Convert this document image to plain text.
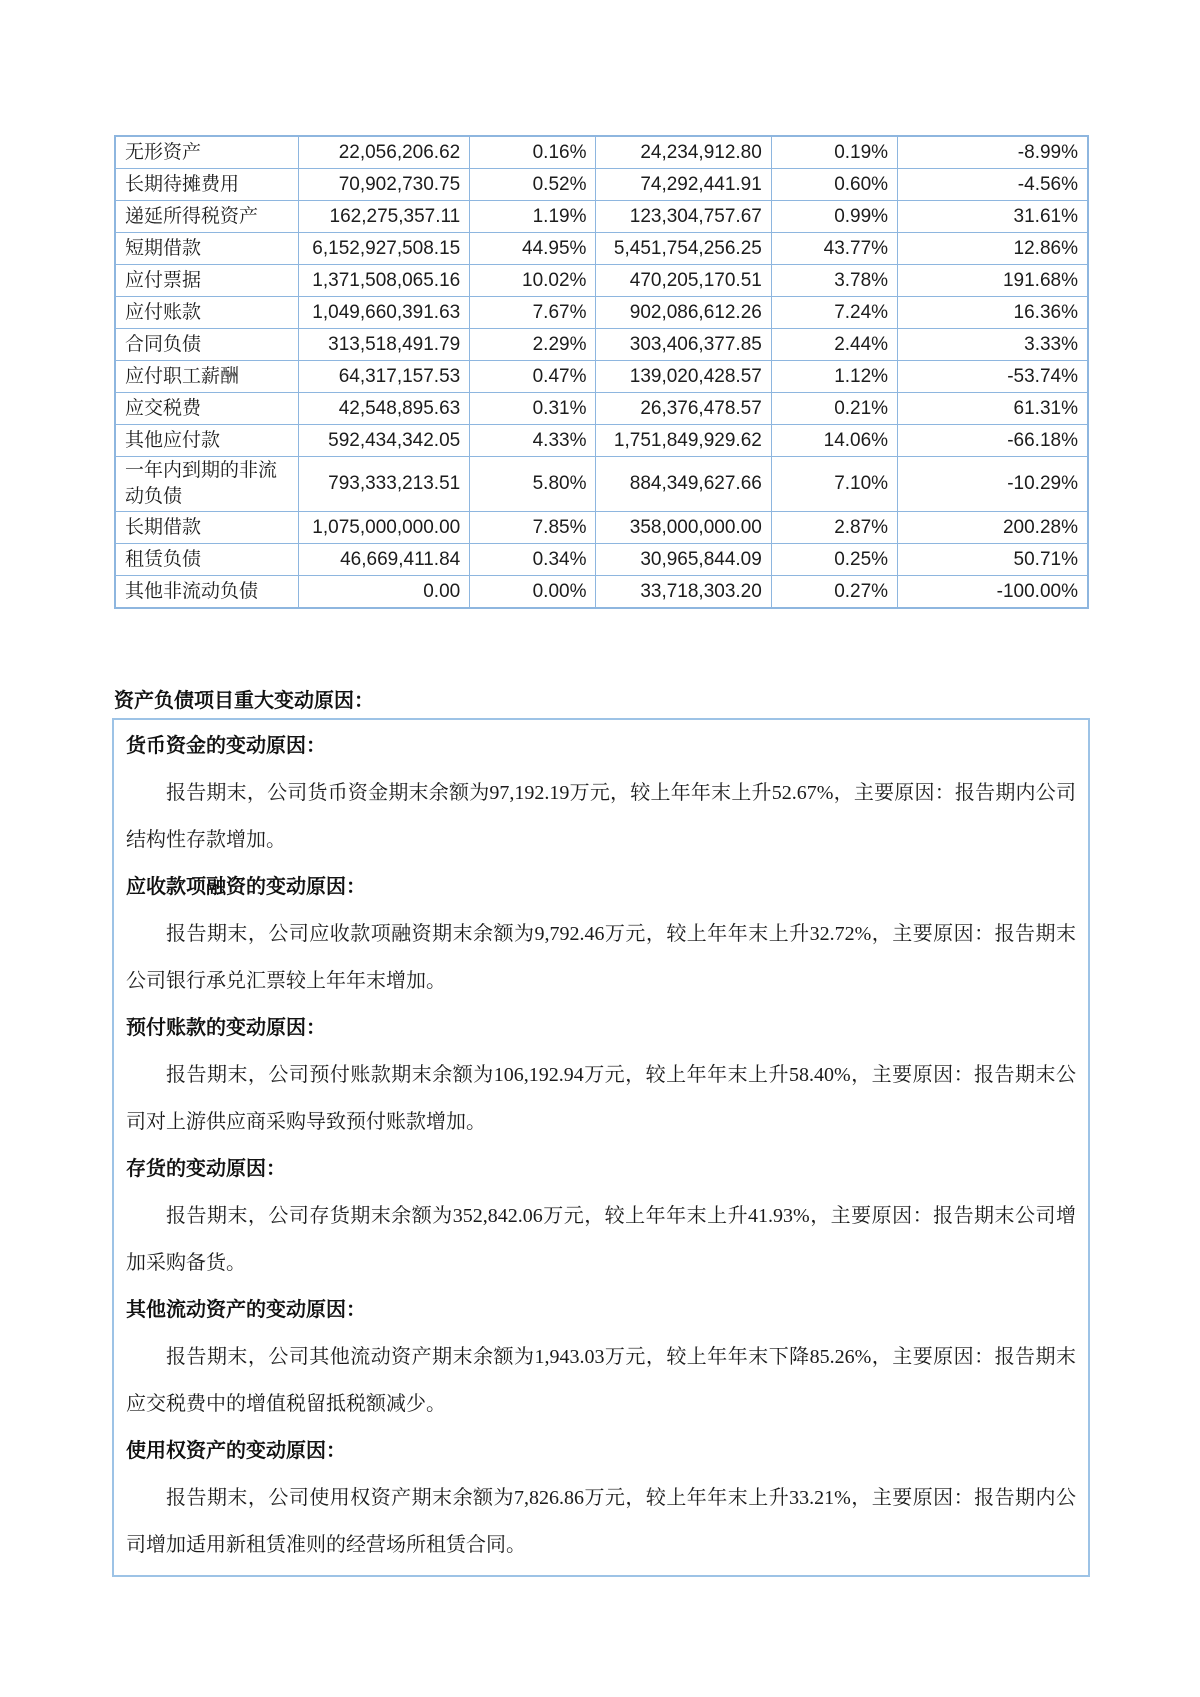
无形资产	22,056,206.62	0.16%	24,234,912.80	0.19%	-8.99%
长期待摊费用	70,902,730.75	0.52%	74,292,441.91	0.60%	-4.56%
递延所得税资产	162,275,357.11	1.19%	123,304,757.67	0.99%	31.61%
短期借款	6,152,927,508.15	44.95%	5,451,754,256.25	43.77%	12.86%
应付票据	1,371,508,065.16	10.02%	470,205,170.51	3.78%	191.68%
应付账款	1,049,660,391.63	7.67%	902,086,612.26	7.24%	16.36%
合同负债	313,518,491.79	2.29%	303,406,377.85	2.44%	3.33%
应付职工薪酬	64,317,157.53	0.47%	139,020,428.57	1.12%	-53.74%
应交税费	42,548,895.63	0.31%	26,376,478.57	0.21%	61.31%
其他应付款	592,434,342.05	4.33%	1,751,849,929.62	14.06%	-66.18%
一年内到期的非流动负债	793,333,213.51	5.80%	884,349,627.66	7.10%	-10.29%
长期借款	1,075,000,000.00	7.85%	358,000,000.00	2.87%	200.28%
租赁负债	46,669,411.84	0.34%	30,965,844.09	0.25%	50.71%
其他非流动负债	0.00	0.00%	33,718,303.20	0.27%	-100.00%
资产负债项目重大变动原因：
货币资金的变动原因：

报告期末，公司货币资金期末余额为97,192.19万元，较上年年末上升52.67%，主要原因：报告期内公司结构性存款增加。

应收款项融资的变动原因：

报告期末，公司应收款项融资期末余额为9,792.46万元，较上年年末上升32.72%，主要原因：报告期末公司银行承兑汇票较上年年末增加。

预付账款的变动原因：

报告期末，公司预付账款期末余额为106,192.94万元，较上年年末上升58.40%，主要原因：报告期末公司对上游供应商采购导致预付账款增加。

存货的变动原因：

报告期末，公司存货期末余额为352,842.06万元，较上年年末上升41.93%，主要原因：报告期末公司增加采购备货。

其他流动资产的变动原因：

报告期末，公司其他流动资产期末余额为1,943.03万元，较上年年末下降85.26%，主要原因：报告期末应交税费中的增值税留抵税额减少。

使用权资产的变动原因：

报告期末，公司使用权资产期末余额为7,826.86万元，较上年年末上升33.21%，主要原因：报告期内公司增加适用新租赁准则的经营场所租赁合同。
